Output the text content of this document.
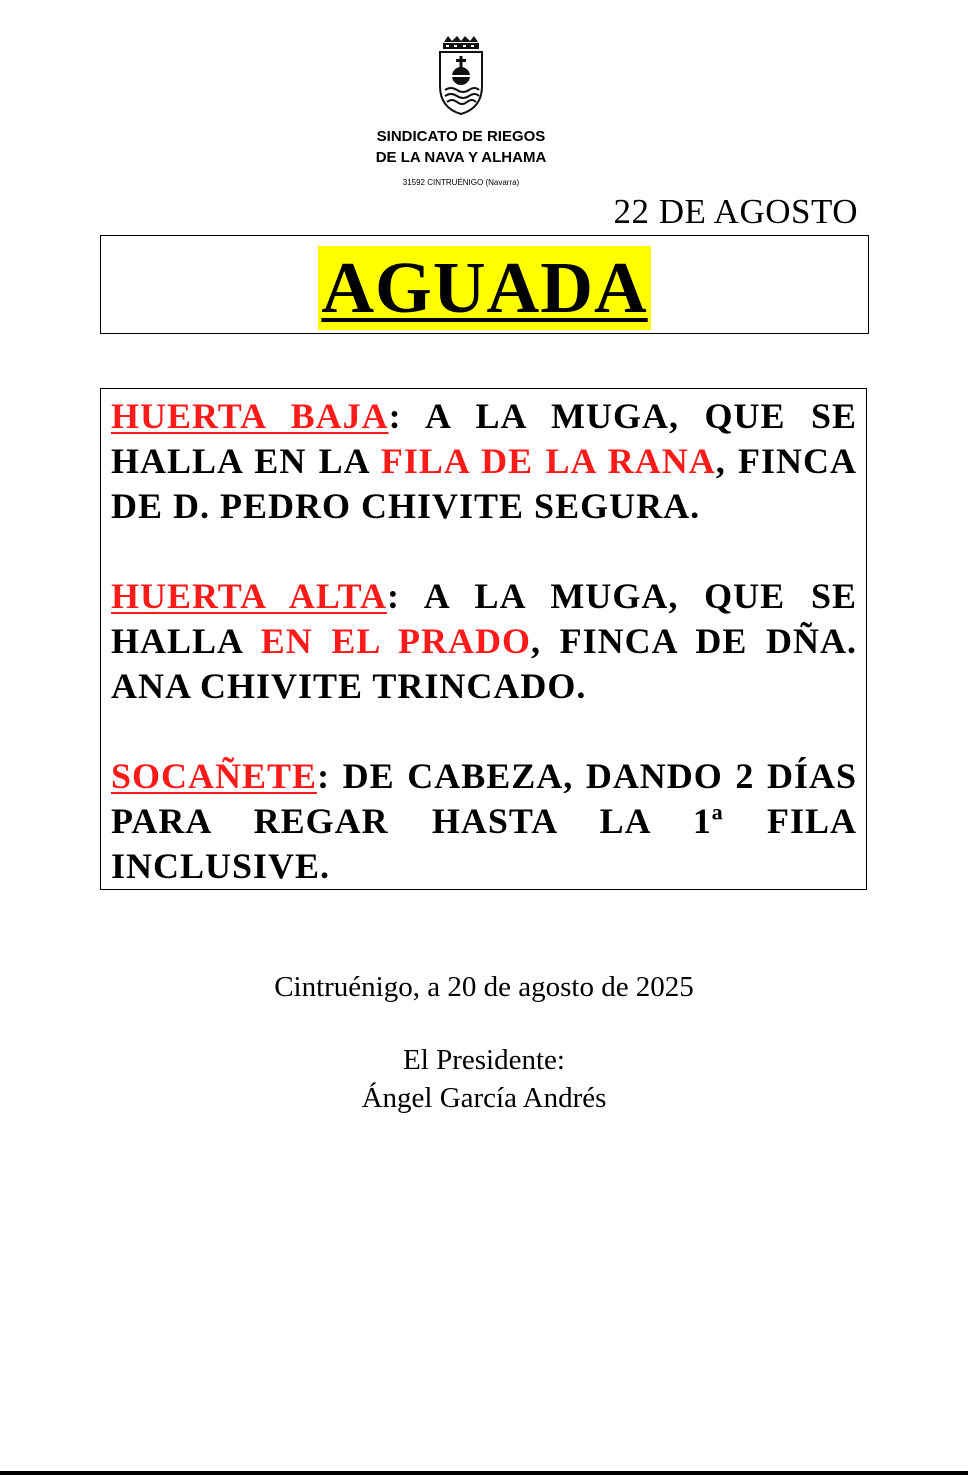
SINDICATO DE RIEGOS
DE LA NAVA Y ALHAMA
31592 CINTRUÉNIGO (Navarra)
22 DE AGOSTO
AGUADA

HUERTA BAJA: A LA MUGA, QUE SE HALLA EN LA FILA DE LA RANA, FINCA DE D. PEDRO CHIVITE SEGURA.

HUERTA ALTA: A LA MUGA, QUE SE HALLA EN EL PRADO, FINCA DE DÑA. ANA CHIVITE TRINCADO.

SOCAÑETE: DE CABEZA, DANDO 2 DÍAS PARA REGAR HASTA LA 1ª FILA INCLUSIVE.

Cintruénigo, a 20 de agosto de 2025
El Presidente:
Ángel García Andrés
